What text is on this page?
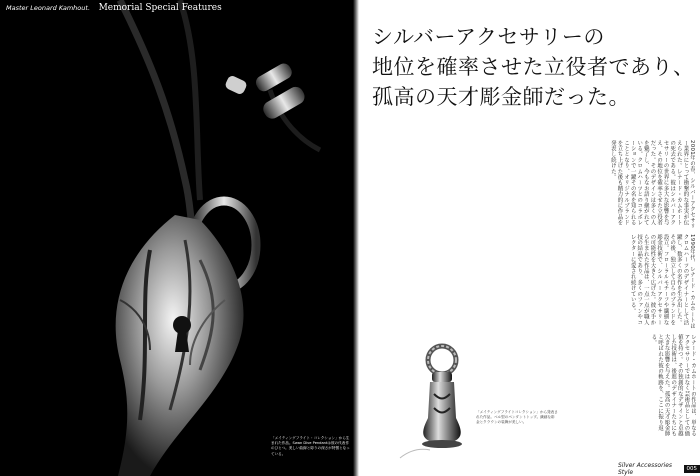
Master Leonard Kamhout. Memorial Special Features
「メイティングフライト・コレクション」から生まれた作品。Swan Dive Pendantは彼の代表作のひとつ。美しい曲線と彫りの深さが特徴となっている。
シルバーアクセサリーの
地位を確率させた立役者であり、
孤高の天才彫金師だった。
2001年の春、シルバーアクセサリー業界にとって衝撃的な事実が伝えられた。レナード・カムホートの死去である。彼はシルバーアクセサリーの世界に多大な影響を与え、その地位を確率させた立役者だった。そのデザインは多くの人を魅了し、今もなお語り継がれている。クロムハーツとのコラボレーションで一躍その名を知られることとなり、オリジナルブランドを立ち上げた後も精力的に作品を発表し続けた。
1990年代、レナード・カムホートはクロムハーツのデザイナーとして活躍し、数多くの名作を生み出した。その後、独立して自らのブランドを設立。フローラルモチーフや繊細な彫金技術で、シルバーアクセサリーの可能性を大きく広げた。彼の手から生まれた作品は、一点一点が職人技の結晶であり、多くのファンやコレクターに愛され続けている。
レナード・カムホートの作品は、単なるアクセサリーではなく芸術品としての価値を持つ。その独創的なデザインと卓越した技術は、後進のデザイナーたちにも大きな影響を与えた。孤高の天才彫金師と呼ばれた彼の軌跡を、ここに振り返る。
「メイティングフライトコレクション」から発表された作品。ベル型のペンダントトップ。繊細な彫金とクラウンの装飾が美しい。
Silver Accessories Style	005
